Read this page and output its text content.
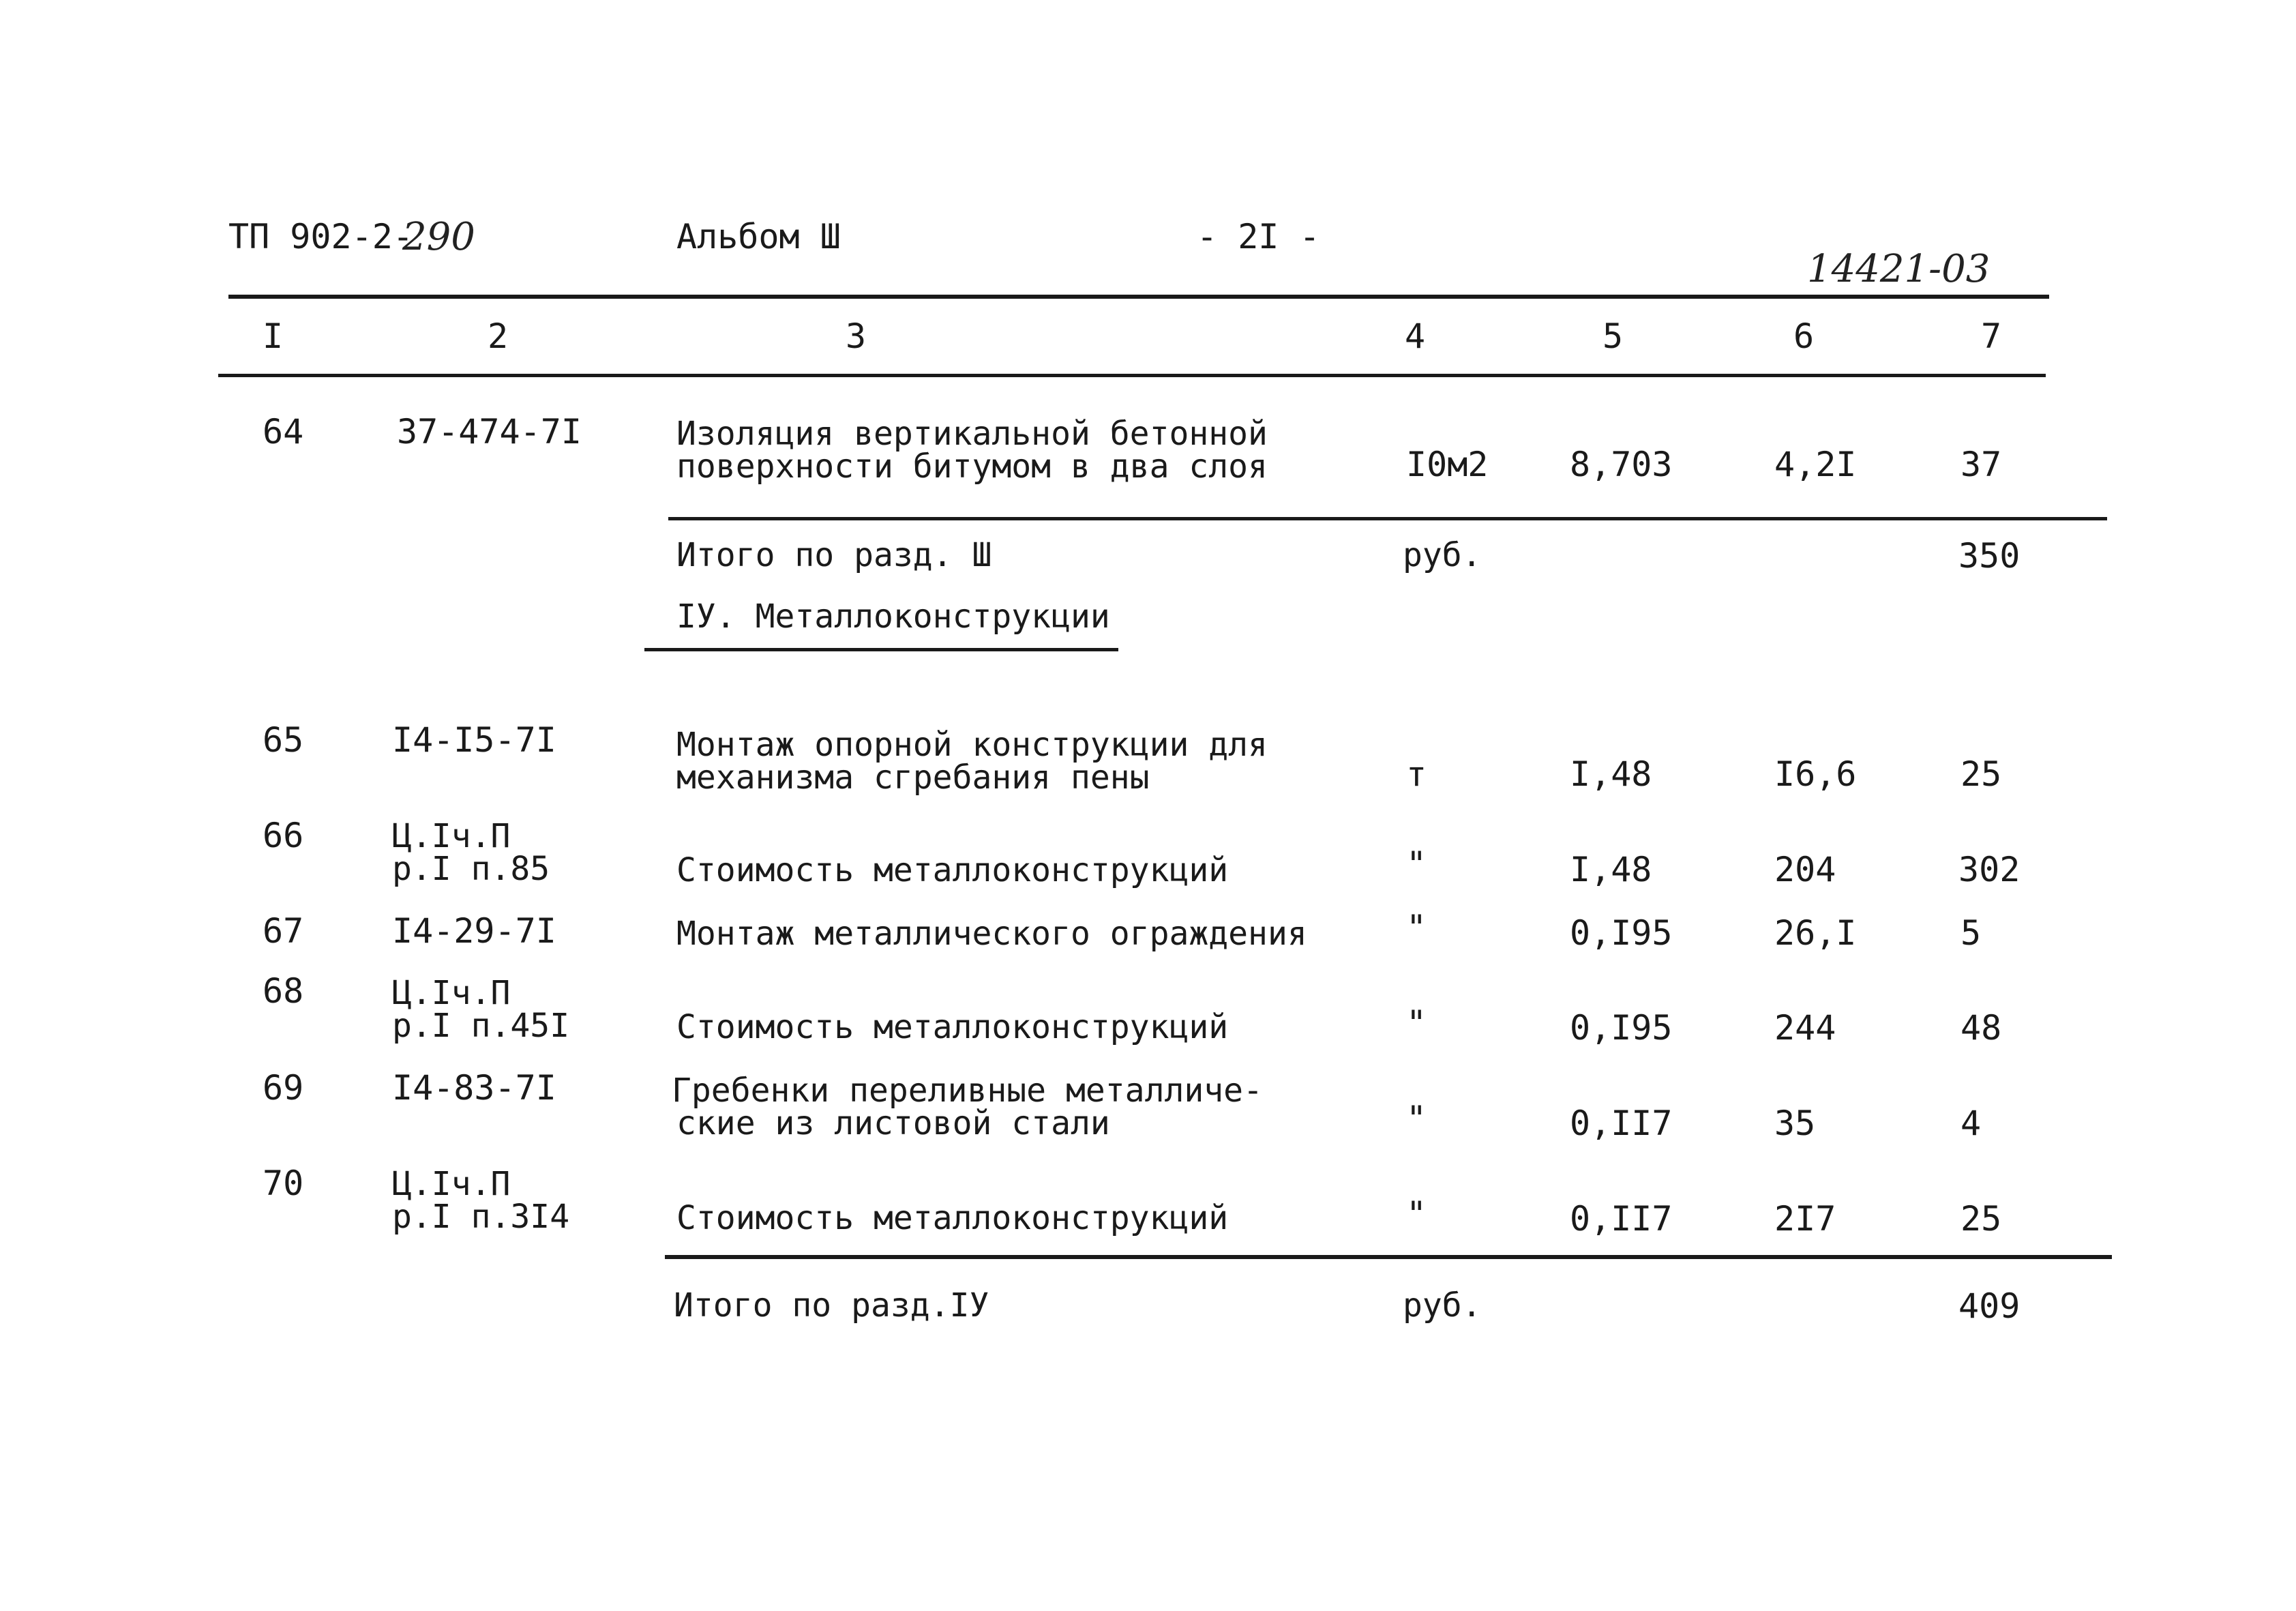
ТП 902-2-
290	Альбом Ш	- 2I -
14421-03
I	2	3	4	5	6	7
64	37-474-7I	Изоляция вертикальной бетонной
поверхности битумом в два слоя	I0м2 8,703	4,2I	37
Итого по разд. Ш	руб.	350
IУ. Металлоконструкции
65	I4-I5-7I	Монтаж опорной конструкции для
механизма сгребания пены	т	I,48	I6,6	25
66	Ц.Iч.П
р.I п.85	Стоимость металлоконструкций	"	I,48	204	302
67	I4-29-7I	Монтаж металлического ограждения	"	0,I95	26,I	5
68	Ц.Iч.П
р.I п.45I	Стоимость металлоконструкций	"	0,I95	244	48
69	I4-83-7I	Гребенки переливные металличе-
ские из листовой стали	"	0,II7	35	4
70	Ц.Iч.П
р.I п.3I4	Стоимость металлоконструкций	"	0,II7	2I7	25
Итого по разд.IУ	руб.	409
